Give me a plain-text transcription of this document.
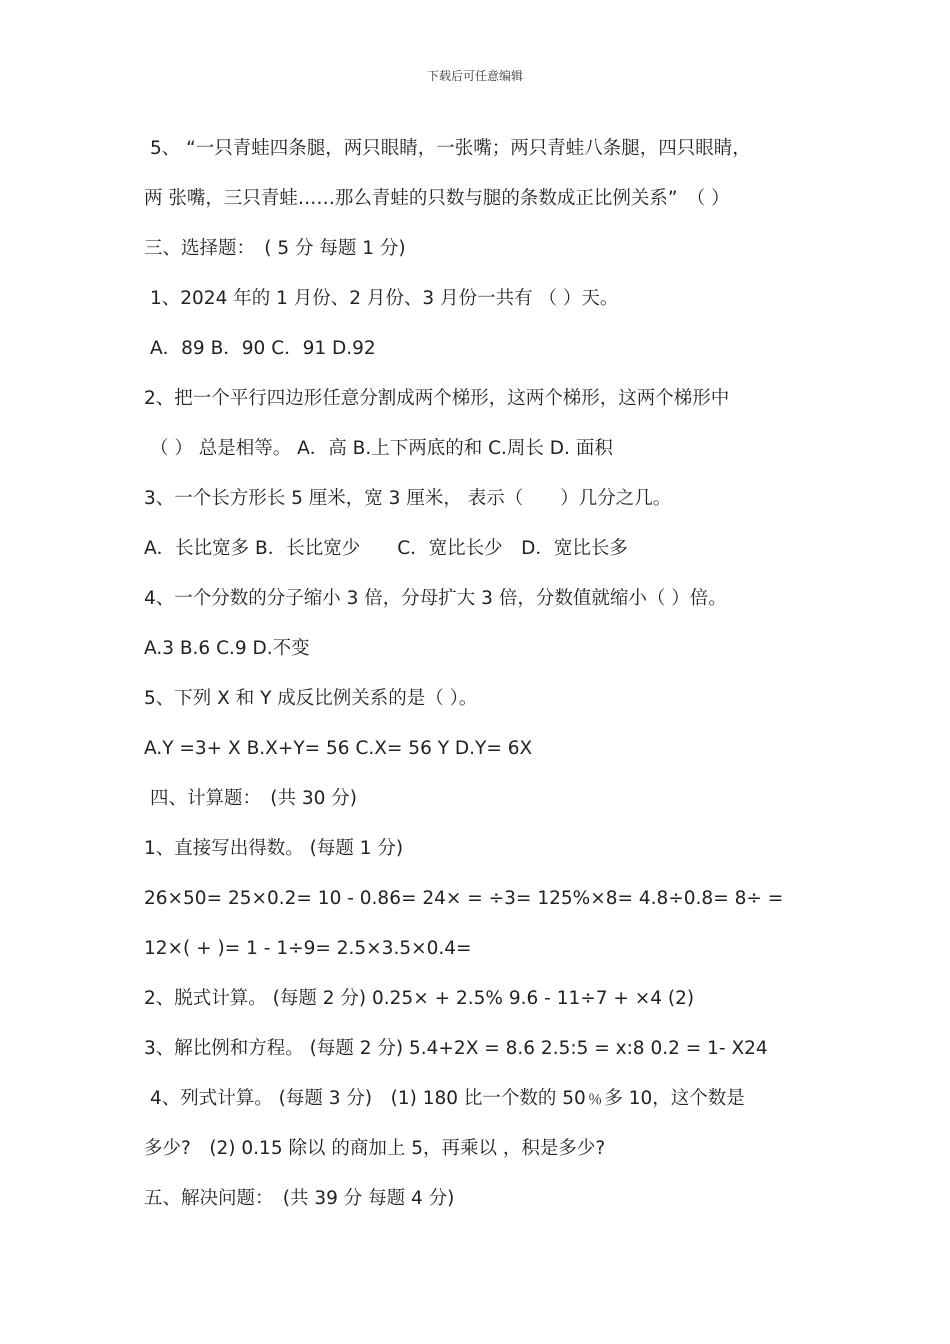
下载后可任意编辑
5、 “一只青蛙四条腿，两只眼睛，一张嘴；两只青蛙八条腿，四只眼睛，
两 张嘴，三只青蛙……那么青蛙的只数与腿的条数成正比例关系”　（ ）
三、选择题：　( 5 分 每题 1 分)
1、2024 年的 1 月份、2 月份、3 月份一共有 （ ）天。
A．89 B．90 C．91 D.92
2、把一个平行四边形任意分割成两个梯形，这两个梯形，这两个梯形中
（ ） 总是相等。 A．高 B.上下两底的和 C.周长 D. 面积
3、一个长方形长 5 厘米，宽 3 厘米， 表示（　　）几分之几。
A．长比宽多 B．长比宽少　　C．宽比长少　D．宽比长多
4、一个分数的分子缩小 3 倍，分母扩大 3 倍，分数值就缩小（ ）倍。
A.3 B.6 C.9 D.不变
5、下列 X 和 Y 成反比例关系的是（ ）。
A.Y =3+ X B.X+Y= 56 C.X= 56 Y D.Y= 6X
四、计算题：　(共 30 分)
1、直接写出得数。 (每题 1 分)
26×50= 25×0.2= 10 - 0.86= 24× = ÷3= 125%×8= 4.8÷0.8= 8÷ =
12×( + )= 1 - 1÷9= 2.5×3.5×0.4=
2、脱式计算。 (每题 2 分) 0.25× + 2.5% 9.6 - 11÷7 + ×4 (2)
3、解比例和方程。 (每题 2 分) 5.4+2X = 8.6 2.5:5 = x:8 0.2 = 1- X24
4、列式计算。 (每题 3 分)　(1) 180 比一个数的 50﹪多 10，这个数是
多少?　(2) 0.15 除以 的商加上 5，再乘以 ，积是多少?
五、解决问题：　(共 39 分 每题 4 分)
